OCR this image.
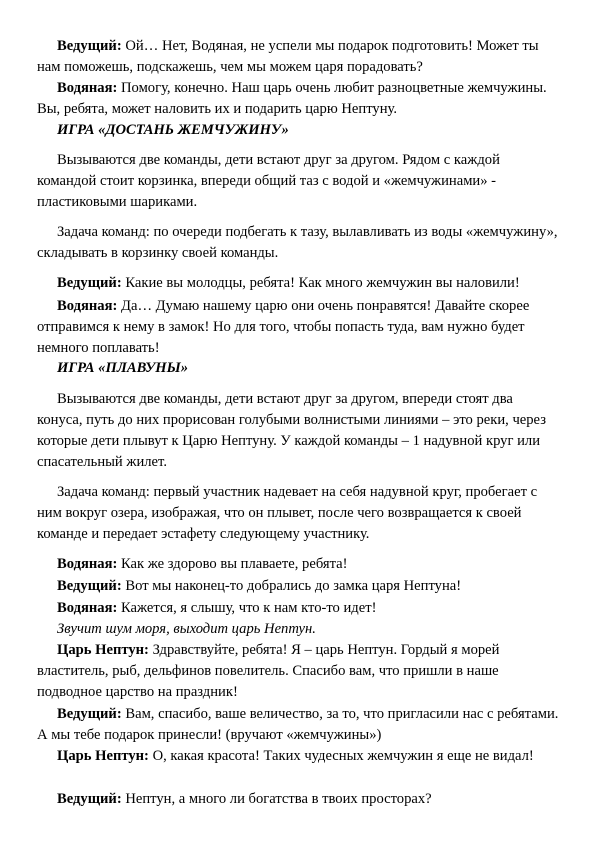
Ведущий: Ой… Нет, Водяная, не успели мы подарок подготовить! Может ты нам поможешь, подскажешь, чем мы можем царя порадовать?

Водяная: Помогу, конечно. Наш царь очень любит разноцветные жемчужины. Вы, ребята, может наловить их и подарить царю Нептуну.

ИГРА «ДОСТАНЬ ЖЕМЧУЖИНУ»

Вызываются две команды, дети встают друг за другом. Рядом с каждой командой стоит корзинка, впереди общий таз с водой и «жемчужинами» - пластиковыми шариками.

Задача команд: по очереди подбегать к тазу, вылавливать из воды «жемчужину», складывать в корзинку своей команды.

Ведущий: Какие вы молодцы, ребята! Как много жемчужин вы наловили!

Водяная: Да… Думаю нашему царю они очень понравятся! Давайте скорее отправимся к нему в замок! Но для того, чтобы попасть туда, вам нужно будет немного поплавать!

ИГРА «ПЛАВУНЫ»

Вызываются две команды, дети встают друг за другом, впереди стоят два конуса, путь до них прорисован голубыми волнистыми линиями – это реки, через которые дети плывут к Царю Нептуну. У каждой команды – 1 надувной круг или спасательный жилет.

Задача команд: первый участник надевает на себя надувной круг, пробегает с ним вокруг озера, изображая, что он плывет, после чего возвращается к своей команде и передает эстафету следующему участнику.

Водяная: Как же здорово вы плаваете, ребята!

Ведущий: Вот мы наконец-то добрались до замка царя Нептуна!

Водяная: Кажется, я слышу, что к нам кто-то идет!

Звучит шум моря, выходит царь Нептун.

Царь Нептун: Здравствуйте, ребята! Я – царь Нептун. Гордый я морей властитель, рыб, дельфинов повелитель. Спасибо вам, что пришли в наше подводное царство на праздник!

Ведущий: Вам, спасибо, ваше величество, за то, что пригласили нас с ребятами. А мы тебе подарок принесли! (вручают «жемчужины»)

Царь Нептун: О, какая красота! Таких чудесных жемчужин я еще не видал!

Ведущий: Нептун, а много ли богатства в твоих просторах?
